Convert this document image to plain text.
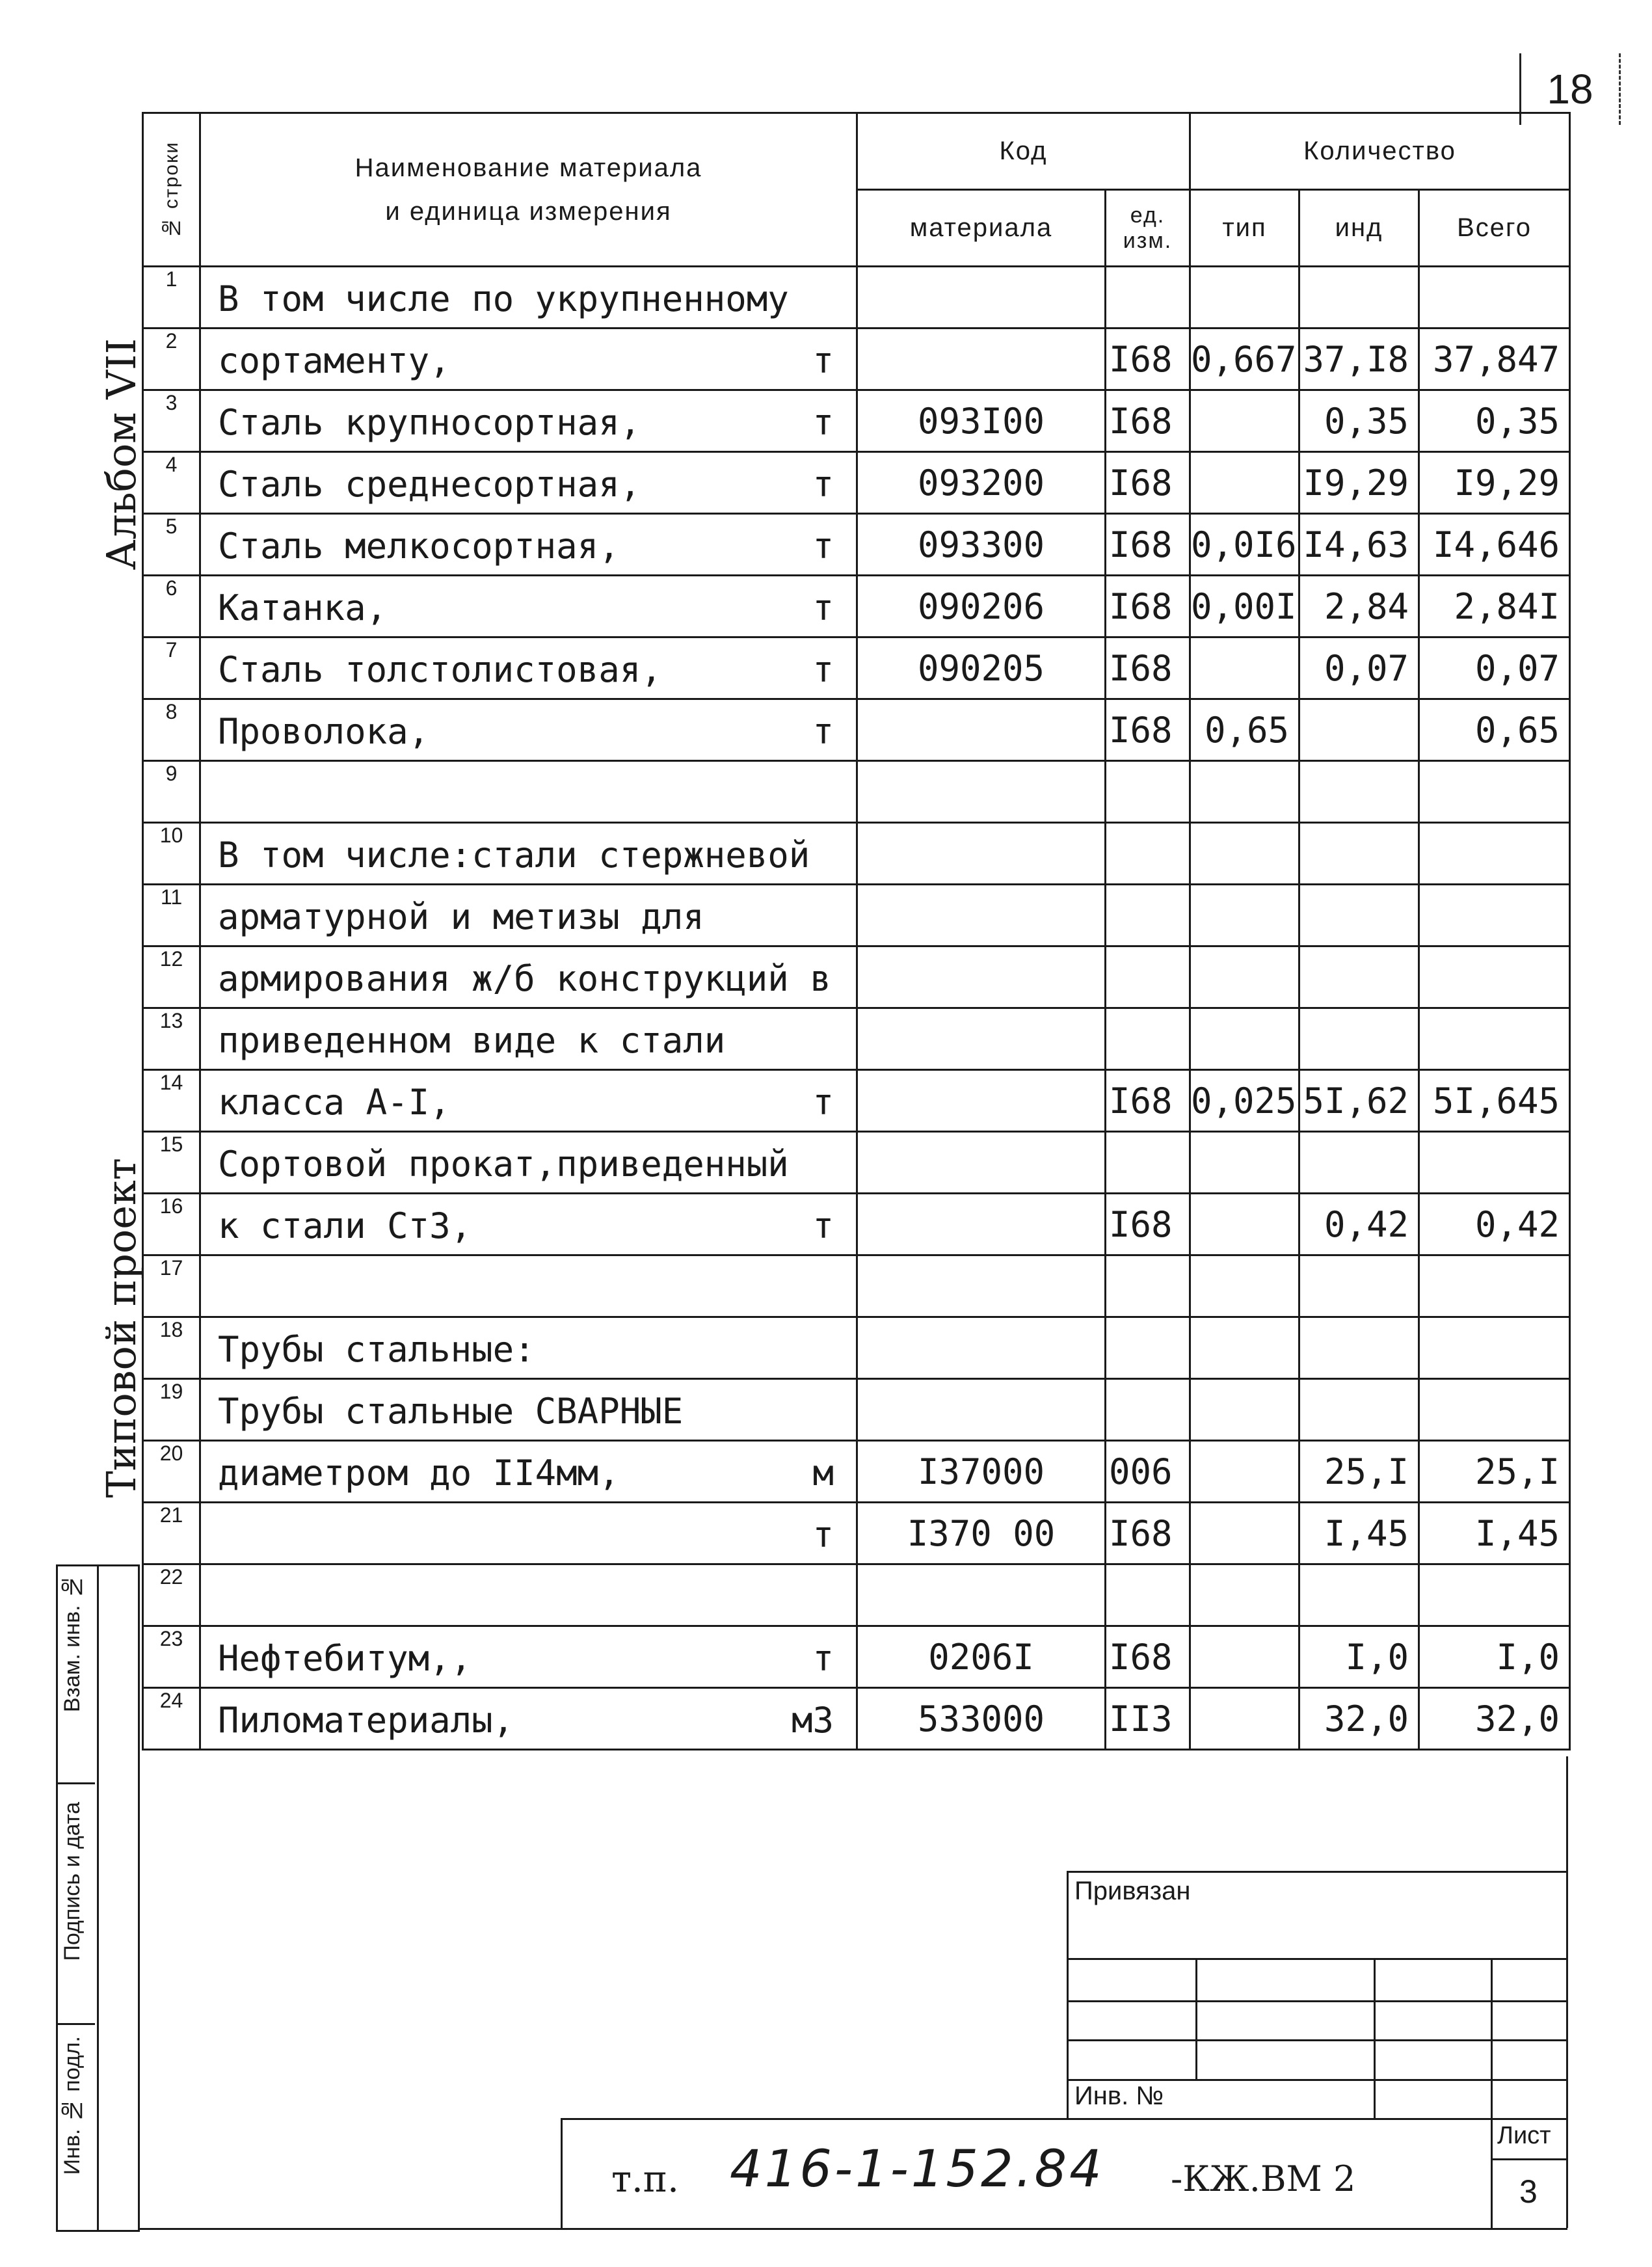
18
Альбом VII
Типовой проект
№ строки	Наименование материала
и единица измерения	Код		Количество		
		материала	ед. изм.	тип	инд	Всего
1	В том числе по укрупненному					

2	сортаменту, т		I68	0,667	37,I8	37,847
3	Сталь крупносортная, т	093I00	I68		0,35	0,35
4	Сталь среднесортная, т	093200	I68		I9,29	I9,29
5	Сталь мелкосортная, т	093300	I68	0,0I6	I4,63	I4,646
6	Катанка, т	090206	I68	0,00I	2,84	2,84I
7	Сталь толстолистовая, т	090205	I68		0,07	0,07
8	Проволока, т		I68	0,65		0,65
9	

10	В том числе:стали стержневой					

11	арматурной и метизы для					

12	армирования ж/б конструкций в					

13	приведенном виде к стали					

14	класса А-I, т		I68	0,025	5I,62	5I,645
15	Сортовой прокат,приведенный					

16	к стали Ст3, т		I68		0,42	0,42
17	

18	Трубы стальные:					

19	Трубы стальные СВАРНЫЕ					

20	диаметром до II4мм, м	I37000	006		25,I	25,I
21	т	I370 00	I68		I,45	I,45
22	

23	Нефтебитум,, т	0206I	I68		I,0	I,0
24	Пиломатериалы, м3	533000	II3		32,0	32,0
Взам. инв. №
Подпись и дата
Инв. № подл.
Привязан
Инв. №
т.п. 416-1-152.84 -КЖ.ВМ 2
Лист
3
